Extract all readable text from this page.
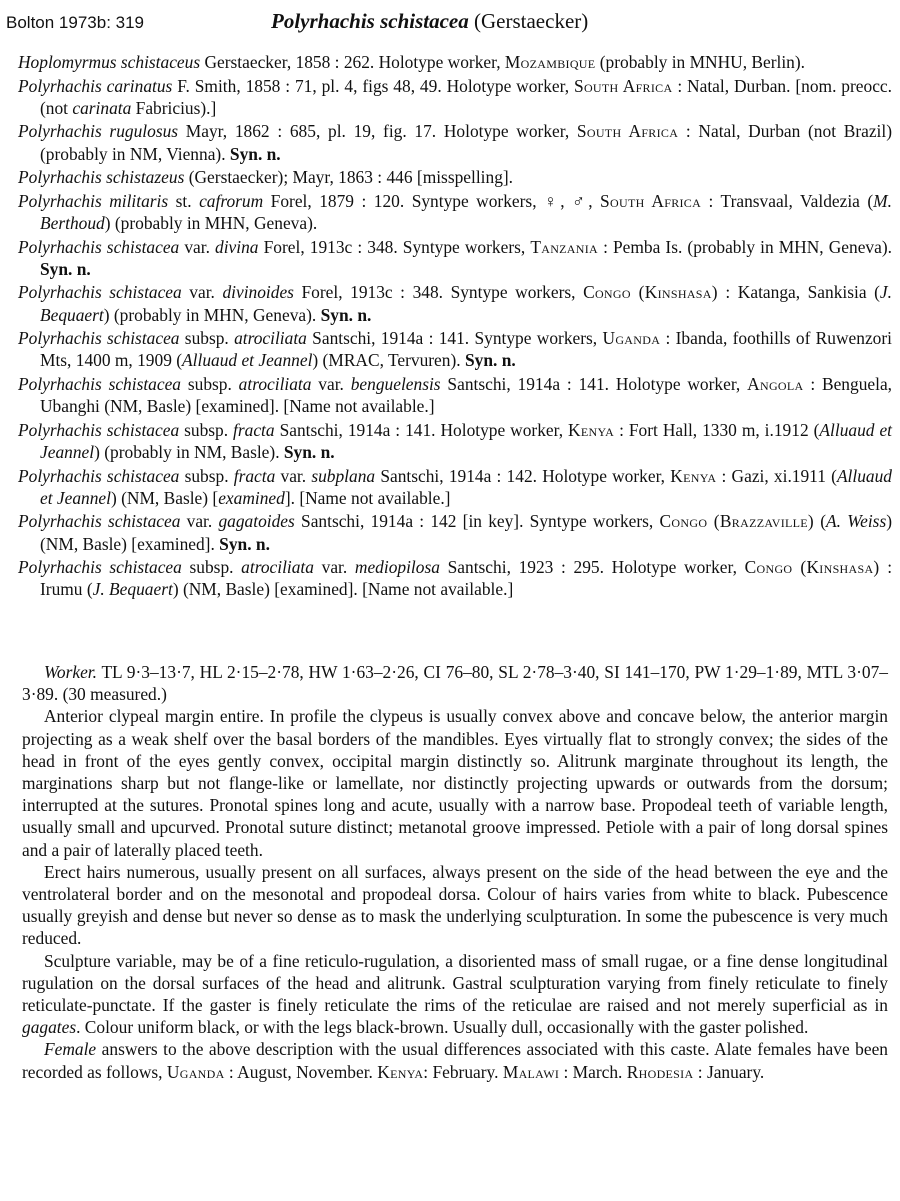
Bolton 1973b: 319	Polyrhachis schistacea (Gerstaecker)

Hoplomyrmus schistaceus Gerstaecker, 1858 : 262. Holotype worker, Mozambique (probably in MNHU, Berlin).

Polyrhachis carinatus F. Smith, 1858 : 71, pl. 4, figs 48, 49. Holotype worker, South Africa : Natal, Durban. [nom. preocc. (not carinata Fabricius).]

Polyrhachis rugulosus Mayr, 1862 : 685, pl. 19, fig. 17. Holotype worker, South Africa : Natal, Durban (not Brazil) (probably in NM, Vienna). Syn. n.

Polyrhachis schistazeus (Gerstaecker); Mayr, 1863 : 446 [misspelling].

Polyrhachis militaris st. cafrorum Forel, 1879 : 120. Syntype workers, ♀, ♂, South Africa : Transvaal, Valdezia (M. Berthoud) (probably in MHN, Geneva).

Polyrhachis schistacea var. divina Forel, 1913c : 348. Syntype workers, Tanzania : Pemba Is. (probably in MHN, Geneva). Syn. n.

Polyrhachis schistacea var. divinoides Forel, 1913c : 348. Syntype workers, Congo (Kinshasa) : Katanga, Sankisia (J. Bequaert) (probably in MHN, Geneva). Syn. n.

Polyrhachis schistacea subsp. atrociliata Santschi, 1914a : 141. Syntype workers, Uganda : Ibanda, foothills of Ruwenzori Mts, 1400 m, 1909 (Alluaud et Jeannel) (MRAC, Tervuren). Syn. n.

Polyrhachis schistacea subsp. atrociliata var. benguelensis Santschi, 1914a : 141. Holotype worker, Angola : Benguela, Ubanghi (NM, Basle) [examined]. [Name not available.]

Polyrhachis schistacea subsp. fracta Santschi, 1914a : 141. Holotype worker, Kenya : Fort Hall, 1330 m, i.1912 (Alluaud et Jeannel) (probably in NM, Basle). Syn. n.

Polyrhachis schistacea subsp. fracta var. subplana Santschi, 1914a : 142. Holotype worker, Kenya : Gazi, xi.1911 (Alluaud et Jeannel) (NM, Basle) [examined]. [Name not available.]

Polyrhachis schistacea var. gagatoides Santschi, 1914a : 142 [in key]. Syntype workers, Congo (Brazzaville) (A. Weiss) (NM, Basle) [examined]. Syn. n.

Polyrhachis schistacea subsp. atrociliata var. mediopilosa Santschi, 1923 : 295. Holotype worker, Congo (Kinshasa) : Irumu (J. Bequaert) (NM, Basle) [examined]. [Name not available.]

Worker. TL 9·3–13·7, HL 2·15–2·78, HW 1·63–2·26, CI 76–80, SL 2·78–3·40, SI 141–170, PW 1·29–1·89, MTL 3·07–3·89. (30 measured.)

Anterior clypeal margin entire. In profile the clypeus is usually convex above and concave below, the anterior margin projecting as a weak shelf over the basal borders of the mandibles. Eyes virtually flat to strongly convex; the sides of the head in front of the eyes gently convex, occipital margin distinctly so. Alitrunk marginate throughout its length, the marginations sharp but not flange-like or lamellate, nor distinctly projecting upwards or outwards from the dorsum; interrupted at the sutures. Pronotal spines long and acute, usually with a narrow base. Propodeal teeth of variable length, usually small and upcurved. Pronotal suture distinct; metanotal groove impressed. Petiole with a pair of long dorsal spines and a pair of laterally placed teeth.

Erect hairs numerous, usually present on all surfaces, always present on the side of the head between the eye and the ventrolateral border and on the mesonotal and propodeal dorsa. Colour of hairs varies from white to black. Pubescence usually greyish and dense but never so dense as to mask the underlying sculpturation. In some the pubescence is very much reduced.

Sculpture variable, may be of a fine reticulo-rugulation, a disoriented mass of small rugae, or a fine dense longitudinal rugulation on the dorsal surfaces of the head and alitrunk. Gastral sculpturation varying from finely reticulate to finely reticulate-punctate. If the gaster is finely reticulate the rims of the reticulae are raised and not merely superficial as in gagates. Colour uniform black, or with the legs black-brown. Usually dull, occasionally with the gaster polished.

Female answers to the above description with the usual differences associated with this caste. Alate females have been recorded as follows, Uganda : August, November. Kenya: February. Malawi : March. Rhodesia : January.
